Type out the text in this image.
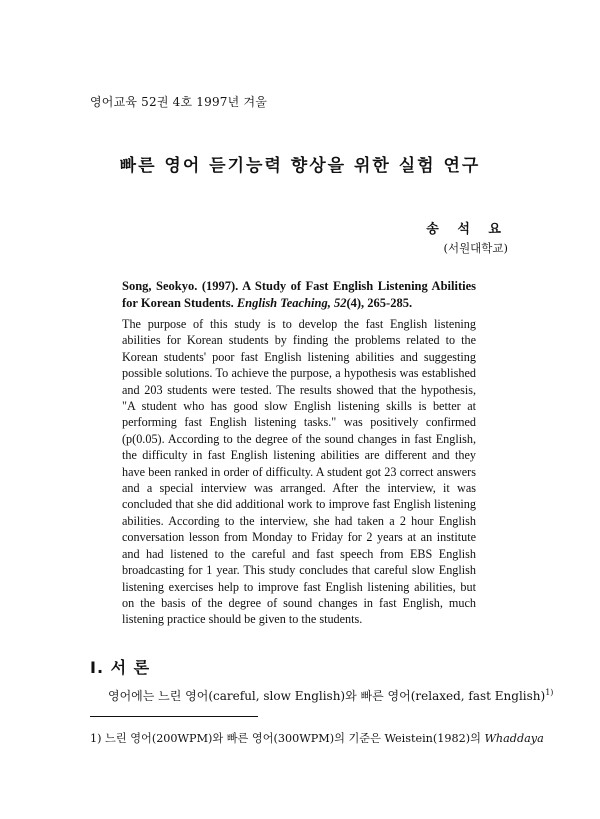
영어교육 52권 4호 1997년 겨울
빠른 영어 듣기능력 향상을 위한 실험 연구
송 석 요
(서원대학교)
Song, Seokyo. (1997). A Study of Fast English Listening Abilities for Korean Students. English Teaching, 52(4), 265-285.
The purpose of this study is to develop the fast English listening abilities for Korean students by finding the problems related to the Korean students' poor fast English listening abilities and suggesting possible solutions. To achieve the purpose, a hypothesis was established and 203 students were tested. The results showed that the hypothesis, "A student who has good slow English listening skills is better at performing fast English listening tasks." was positively confirmed (p(0.05). According to the degree of the sound changes in fast English, the difficulty in fast English listening abilities are different and they have been ranked in order of difficulty. A student got 23 correct answers and a special interview was arranged. After the interview, it was concluded that she did additional work to improve fast English listening abilities. According to the interview, she had taken a 2 hour English conversation lesson from Monday to Friday for 2 years at an institute and had listened to the careful and fast speech from EBS English broadcasting for 1 year. This study concludes that careful slow English listening exercises help to improve fast English listening abilities, but on the basis of the degree of sound changes in fast English, much listening practice should be given to the students.
I. 서 론
영어에는 느린 영어(careful, slow English)와 빠른 영어(relaxed, fast English)$^{1)}$
1) 느린 영어(200WPM)와 빠른 영어(300WPM)의 기준은 Weistein(1982)의 Whaddaya
